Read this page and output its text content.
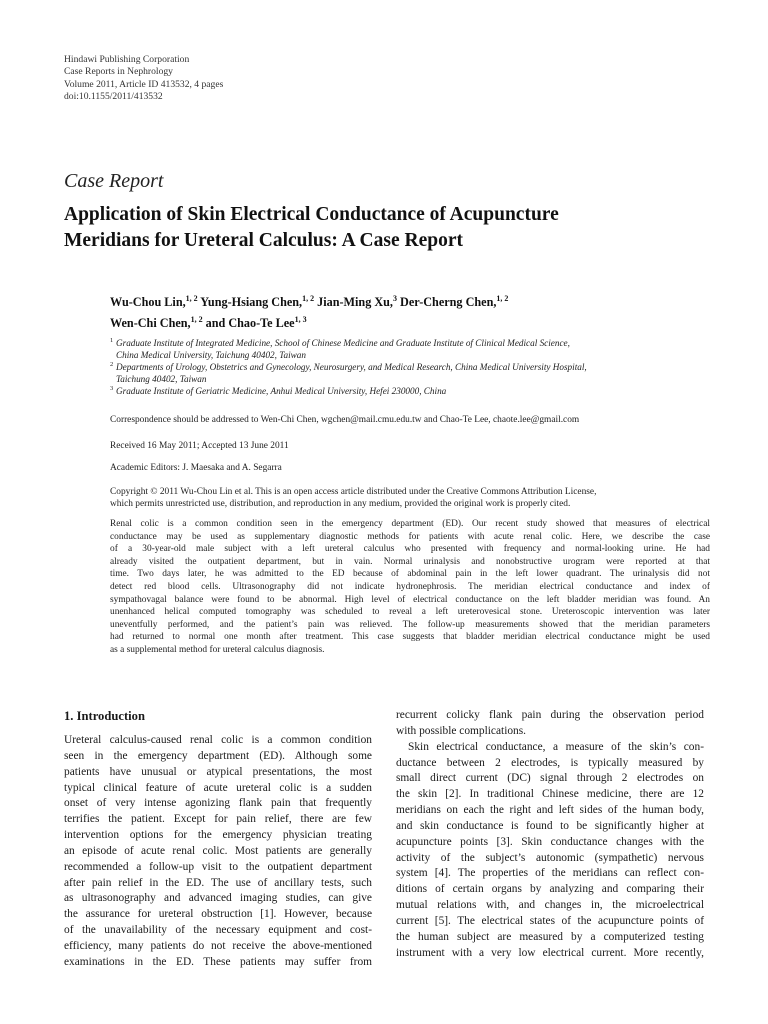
Hindawi Publishing Corporation
Case Reports in Nephrology
Volume 2011, Article ID 413532, 4 pages
doi:10.1155/2011/413532
Case Report
Application of Skin Electrical Conductance of Acupuncture
Meridians for Ureteral Calculus: A Case Report
Wu-Chou Lin,$^{1, 2}$ Yung-Hsiang Chen,$^{1, 2}$ Jian-Ming Xu,$^3$ Der-Cherng Chen,$^{1, 2}$
Wen-Chi Chen,$^{1, 2}$ and Chao-Te Lee$^{1, 3}$
1 Graduate Institute of Integrated Medicine, School of Chinese Medicine and Graduate Institute of Clinical Medical Science,
China Medical University, Taichung 40402, Taiwan
2 Departments of Urology, Obstetrics and Gynecology, Neurosurgery, and Medical Research, China Medical University Hospital,
Taichung 40402, Taiwan
3 Graduate Institute of Geriatric Medicine, Anhui Medical University, Hefei 230000, China
Correspondence should be addressed to Wen-Chi Chen, wgchen@mail.cmu.edu.tw and Chao-Te Lee, chaote.lee@gmail.com
Received 16 May 2011; Accepted 13 June 2011
Academic Editors: J. Maesaka and A. Segarra
Copyright © 2011 Wu-Chou Lin et al. This is an open access article distributed under the Creative Commons Attribution License,
which permits unrestricted use, distribution, and reproduction in any medium, provided the original work is properly cited.
Renal colic is a common condition seen in the emergency department (ED). Our recent study showed that measures of electrical
conductance may be used as supplementary diagnostic methods for patients with acute renal colic. Here, we describe the case
of a 30-year-old male subject with a left ureteral calculus who presented with frequency and normal-looking urine. He had
already visited the outpatient department, but in vain. Normal urinalysis and nonobstructive urogram were reported at that
time. Two days later, he was admitted to the ED because of abdominal pain in the left lower quadrant. The urinalysis did not
detect red blood cells. Ultrasonography did not indicate hydronephrosis. The meridian electrical conductance and index of
sympathovagal balance were found to be abnormal. High level of electrical conductance on the left bladder meridian was found. An
unenhanced helical computed tomography was scheduled to reveal a left ureterovesical stone. Ureteroscopic intervention was later
uneventfully performed, and the patient’s pain was relieved. The follow-up measurements showed that the meridian parameters
had returned to normal one month after treatment. This case suggests that bladder meridian electrical conductance might be used
as a supplemental method for ureteral calculus diagnosis.
1. Introduction

Ureteral calculus-caused renal colic is a common condition
seen in the emergency department (ED). Although some
patients have unusual or atypical presentations, the most
typical clinical feature of acute ureteral colic is a sudden
onset of very intense agonizing flank pain that frequently
terrifies the patient. Except for pain relief, there are few
intervention options for the emergency physician treating
an episode of acute renal colic. Most patients are generally
recommended a follow-up visit to the outpatient department
after pain relief in the ED. The use of ancillary tests, such
as ultrasonography and advanced imaging studies, can give
the assurance for ureteral obstruction [1]. However, because
of the unavailability of the necessary equipment and cost-
efficiency, many patients do not receive the above-mentioned
examinations in the ED. These patients may suffer from

recurrent colicky flank pain during the observation period
with possible complications.

Skin electrical conductance, a measure of the skin’s con-
ductance between 2 electrodes, is typically measured by
small direct current (DC) signal through 2 electrodes on
the skin [2]. In traditional Chinese medicine, there are 12
meridians on each the right and left sides of the human body,
and skin conductance is found to be significantly higher at
acupuncture points [3]. Skin conductance changes with the
activity of the subject’s autonomic (sympathetic) nervous
system [4]. The properties of the meridians can reflect con-
ditions of certain organs by analyzing and comparing their
mutual relations with, and changes in, the microelectrical
current [5]. The electrical states of the acupuncture points of
the human subject are measured by a computerized testing
instrument with a very low electrical current. More recently,
